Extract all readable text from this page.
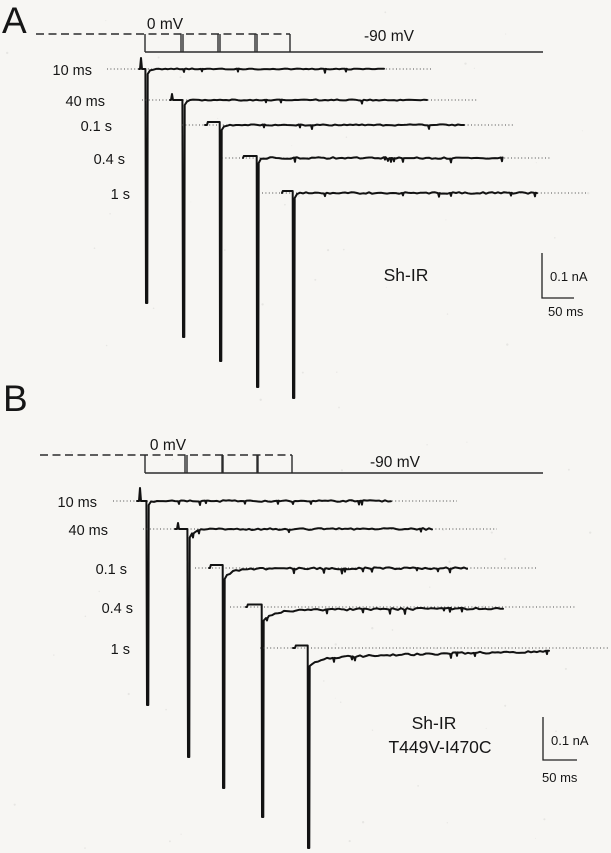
10 ms
40 ms
0.1 s
0.4 s
1 s
10 ms
40 ms
0.1 s
0.4 s
1 s
A	0 mV
-90 mV
Sh-IR	0.1 nA
50 ms
B
0 mV
-90 mV
Sh-IR
T449V-I470C	0.1 nA
50 ms
